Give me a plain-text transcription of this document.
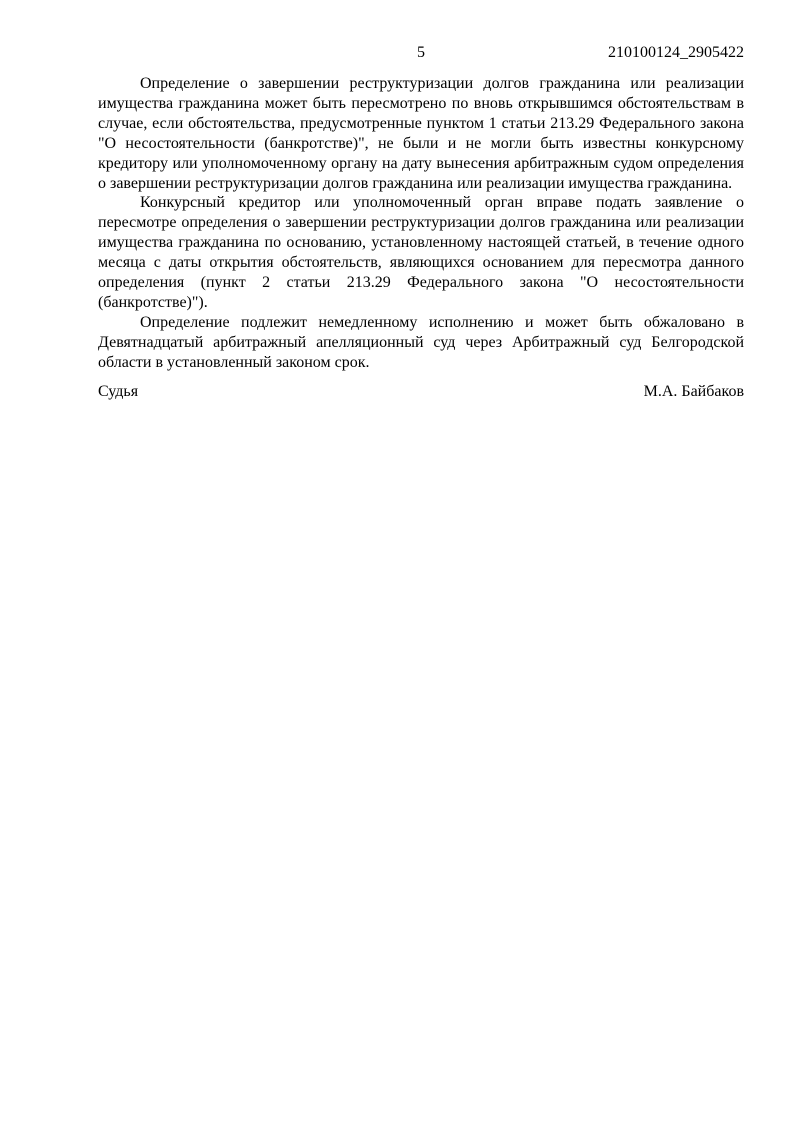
5	210100124_2905422

Определение о завершении реструктуризации долгов гражданина или реализации имущества гражданина может быть пересмотрено по вновь открывшимся обстоятельствам в случае, если обстоятельства, предусмотренные пунктом 1 статьи 213.29 Федерального закона "О несостоятельности (банкротстве)", не были и не могли быть известны конкурсному кредитору или уполномоченному органу на дату вынесения арбитражным судом определения о завершении реструктуризации долгов гражданина или реализации имущества гражданина.

Конкурсный кредитор или уполномоченный орган вправе подать заявление о пересмотре определения о завершении реструктуризации долгов гражданина или реализации имущества гражданина по основанию, установленному настоящей статьей, в течение одного месяца с даты открытия обстоятельств, являющихся основанием для пересмотра данного определения (пункт 2 статьи 213.29 Федерального закона "О несостоятельности (банкротстве)").

Определение подлежит немедленному исполнению и может быть обжаловано в Девятнадцатый арбитражный апелляционный суд через Арбитражный суд Белгородской области в установленный законом срок.

Судья	М.А. Байбаков
